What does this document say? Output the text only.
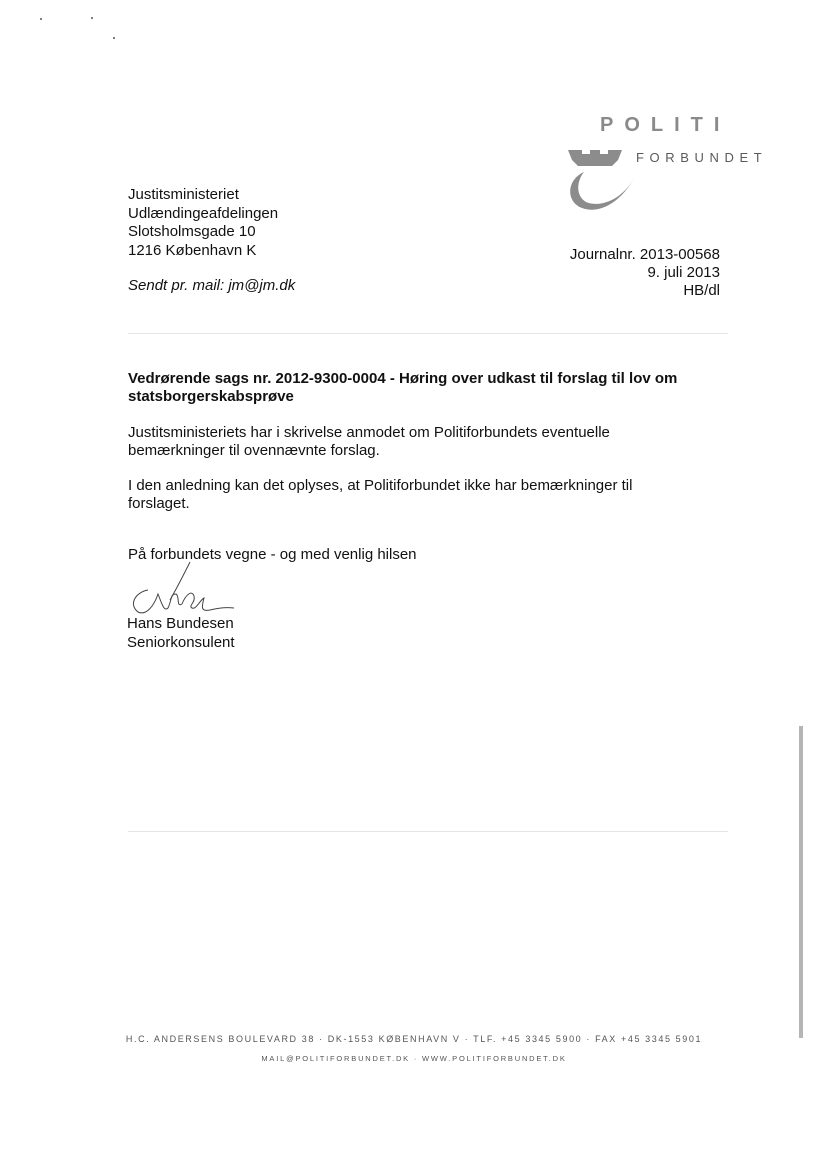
POLITI
FORBUNDET
Justitsministeriet
Udlændingeafdelingen
Slotsholmsgade 10
1216 København K
Sendt pr. mail: jm@jm.dk
Journalnr. 2013-00568
9. juli 2013
HB/dl
Vedrørende sags nr. 2012-9300-0004 - Høring over udkast til forslag til lov om statsborgerskabsprøve
Justitsministeriets har i skrivelse anmodet om Politiforbundets eventuelle bemærkninger til ovennævnte forslag.
I den anledning kan det oplyses, at Politiforbundet ikke har bemærkninger til forslaget.
På forbundets vegne - og med venlig hilsen
Hans Bundesen
Seniorkonsulent
H.C. ANDERSENS BOULEVARD 38 · DK-1553 KØBENHAVN V · TLF. +45 3345 5900 · FAX +45 3345 5901
MAIL@POLITIFORBUNDET.DK · WWW.POLITIFORBUNDET.DK
